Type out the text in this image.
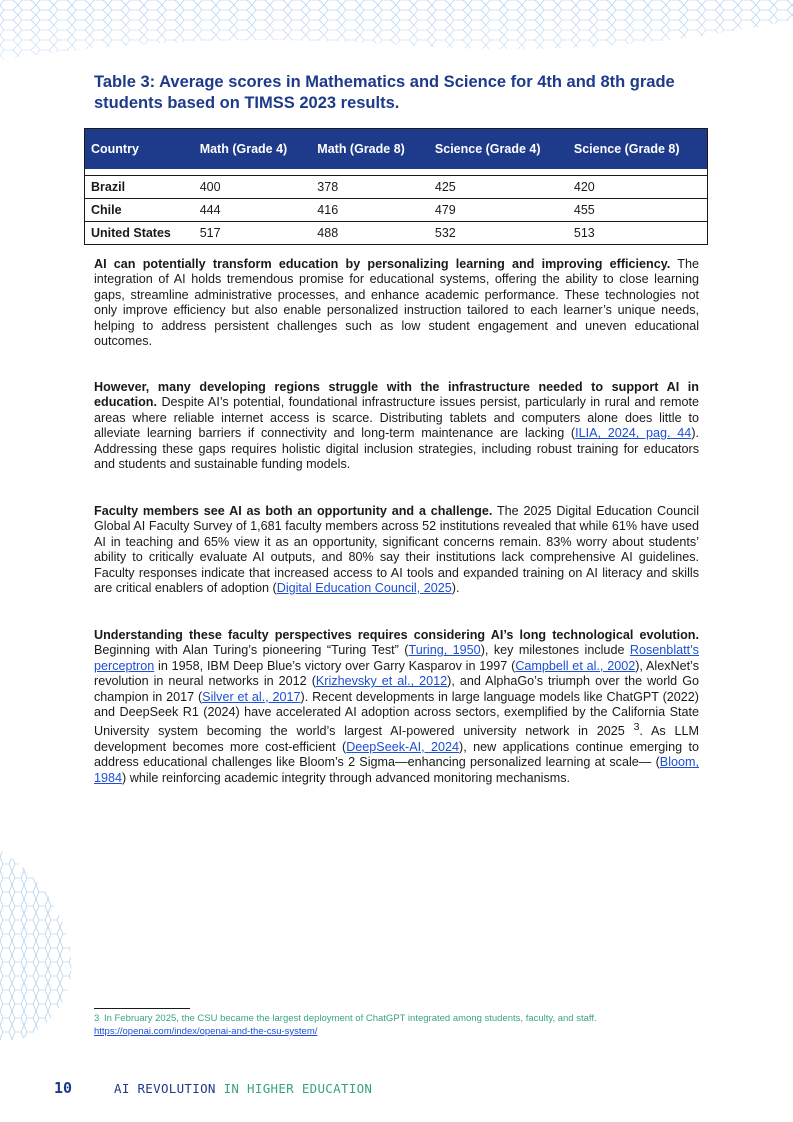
Table 3: Average scores in Mathematics and Science for 4th and 8th grade students based on TIMSS 2023 results.
Country	Math (Grade 4)	Math (Grade 8)	Science (Grade 4)	Science (Grade 8)

Brazil	400	378	425	420
Chile	444	416	479	455
United States	517	488	532	513

AI can potentially transform education by personalizing learning and improving efficiency. The integration of AI holds tremendous promise for educational systems, offering the ability to close learning gaps, streamline administrative processes, and enhance academic performance. These technologies not only improve efficiency but also enable personalized instruction tailored to each learner’s unique needs, helping to address persistent challenges such as low student engagement and uneven educational outcomes.

However, many developing regions struggle with the infrastructure needed to support AI in education. Despite AI’s potential, foundational infrastructure issues persist, particularly in rural and remote areas where reliable internet access is scarce. Distributing tablets and computers alone does little to alleviate learning barriers if connectivity and long-term maintenance are lacking (ILIA, 2024, pag. 44). Addressing these gaps requires holistic digital inclusion strategies, including robust training for educators and students and sustainable funding models.

Faculty members see AI as both an opportunity and a challenge. The 2025 Digital Education Council Global AI Faculty Survey of 1,681 faculty members across 52 institutions revealed that while 61% have used AI in teaching and 65% view it as an opportunity, significant concerns remain. 83% worry about students’ ability to critically evaluate AI outputs, and 80% say their institutions lack comprehensive AI guidelines. Faculty responses indicate that increased access to AI tools and expanded training on AI literacy and skills are critical enablers of adoption (Digital Education Council, 2025).

Understanding these faculty perspectives requires considering AI’s long technological evolution. Beginning with Alan Turing’s pioneering “Turing Test” (Turing, 1950), key milestones include Rosenblatt’s perceptron in 1958, IBM Deep Blue’s victory over Garry Kasparov in 1997 (Campbell et al., 2002), AlexNet’s revolution in neural networks in 2012 (Krizhevsky et al., 2012), and AlphaGo’s triumph over the world Go champion in 2017 (Silver et al., 2017). Recent developments in large language models like ChatGPT (2022) and DeepSeek R1 (2024) have accelerated AI adoption across sectors, exemplified by the California State University system becoming the world’s largest AI-powered university network in 2025 $^3$. As LLM development becomes more cost-efficient (DeepSeek-AI, 2024), new applications continue emerging to address educational challenges like Bloom’s 2 Sigma—enhancing personalized learning at scale— (Bloom, 1984) while reinforcing academic integrity through advanced monitoring mechanisms.

3 In February 2025, the CSU became the largest deployment of ChatGPT integrated among students, faculty, and staff. https://openai.com/index/openai-and-the-csu-system/

10	AI REVOLUTION IN HIGHER EDUCATION
